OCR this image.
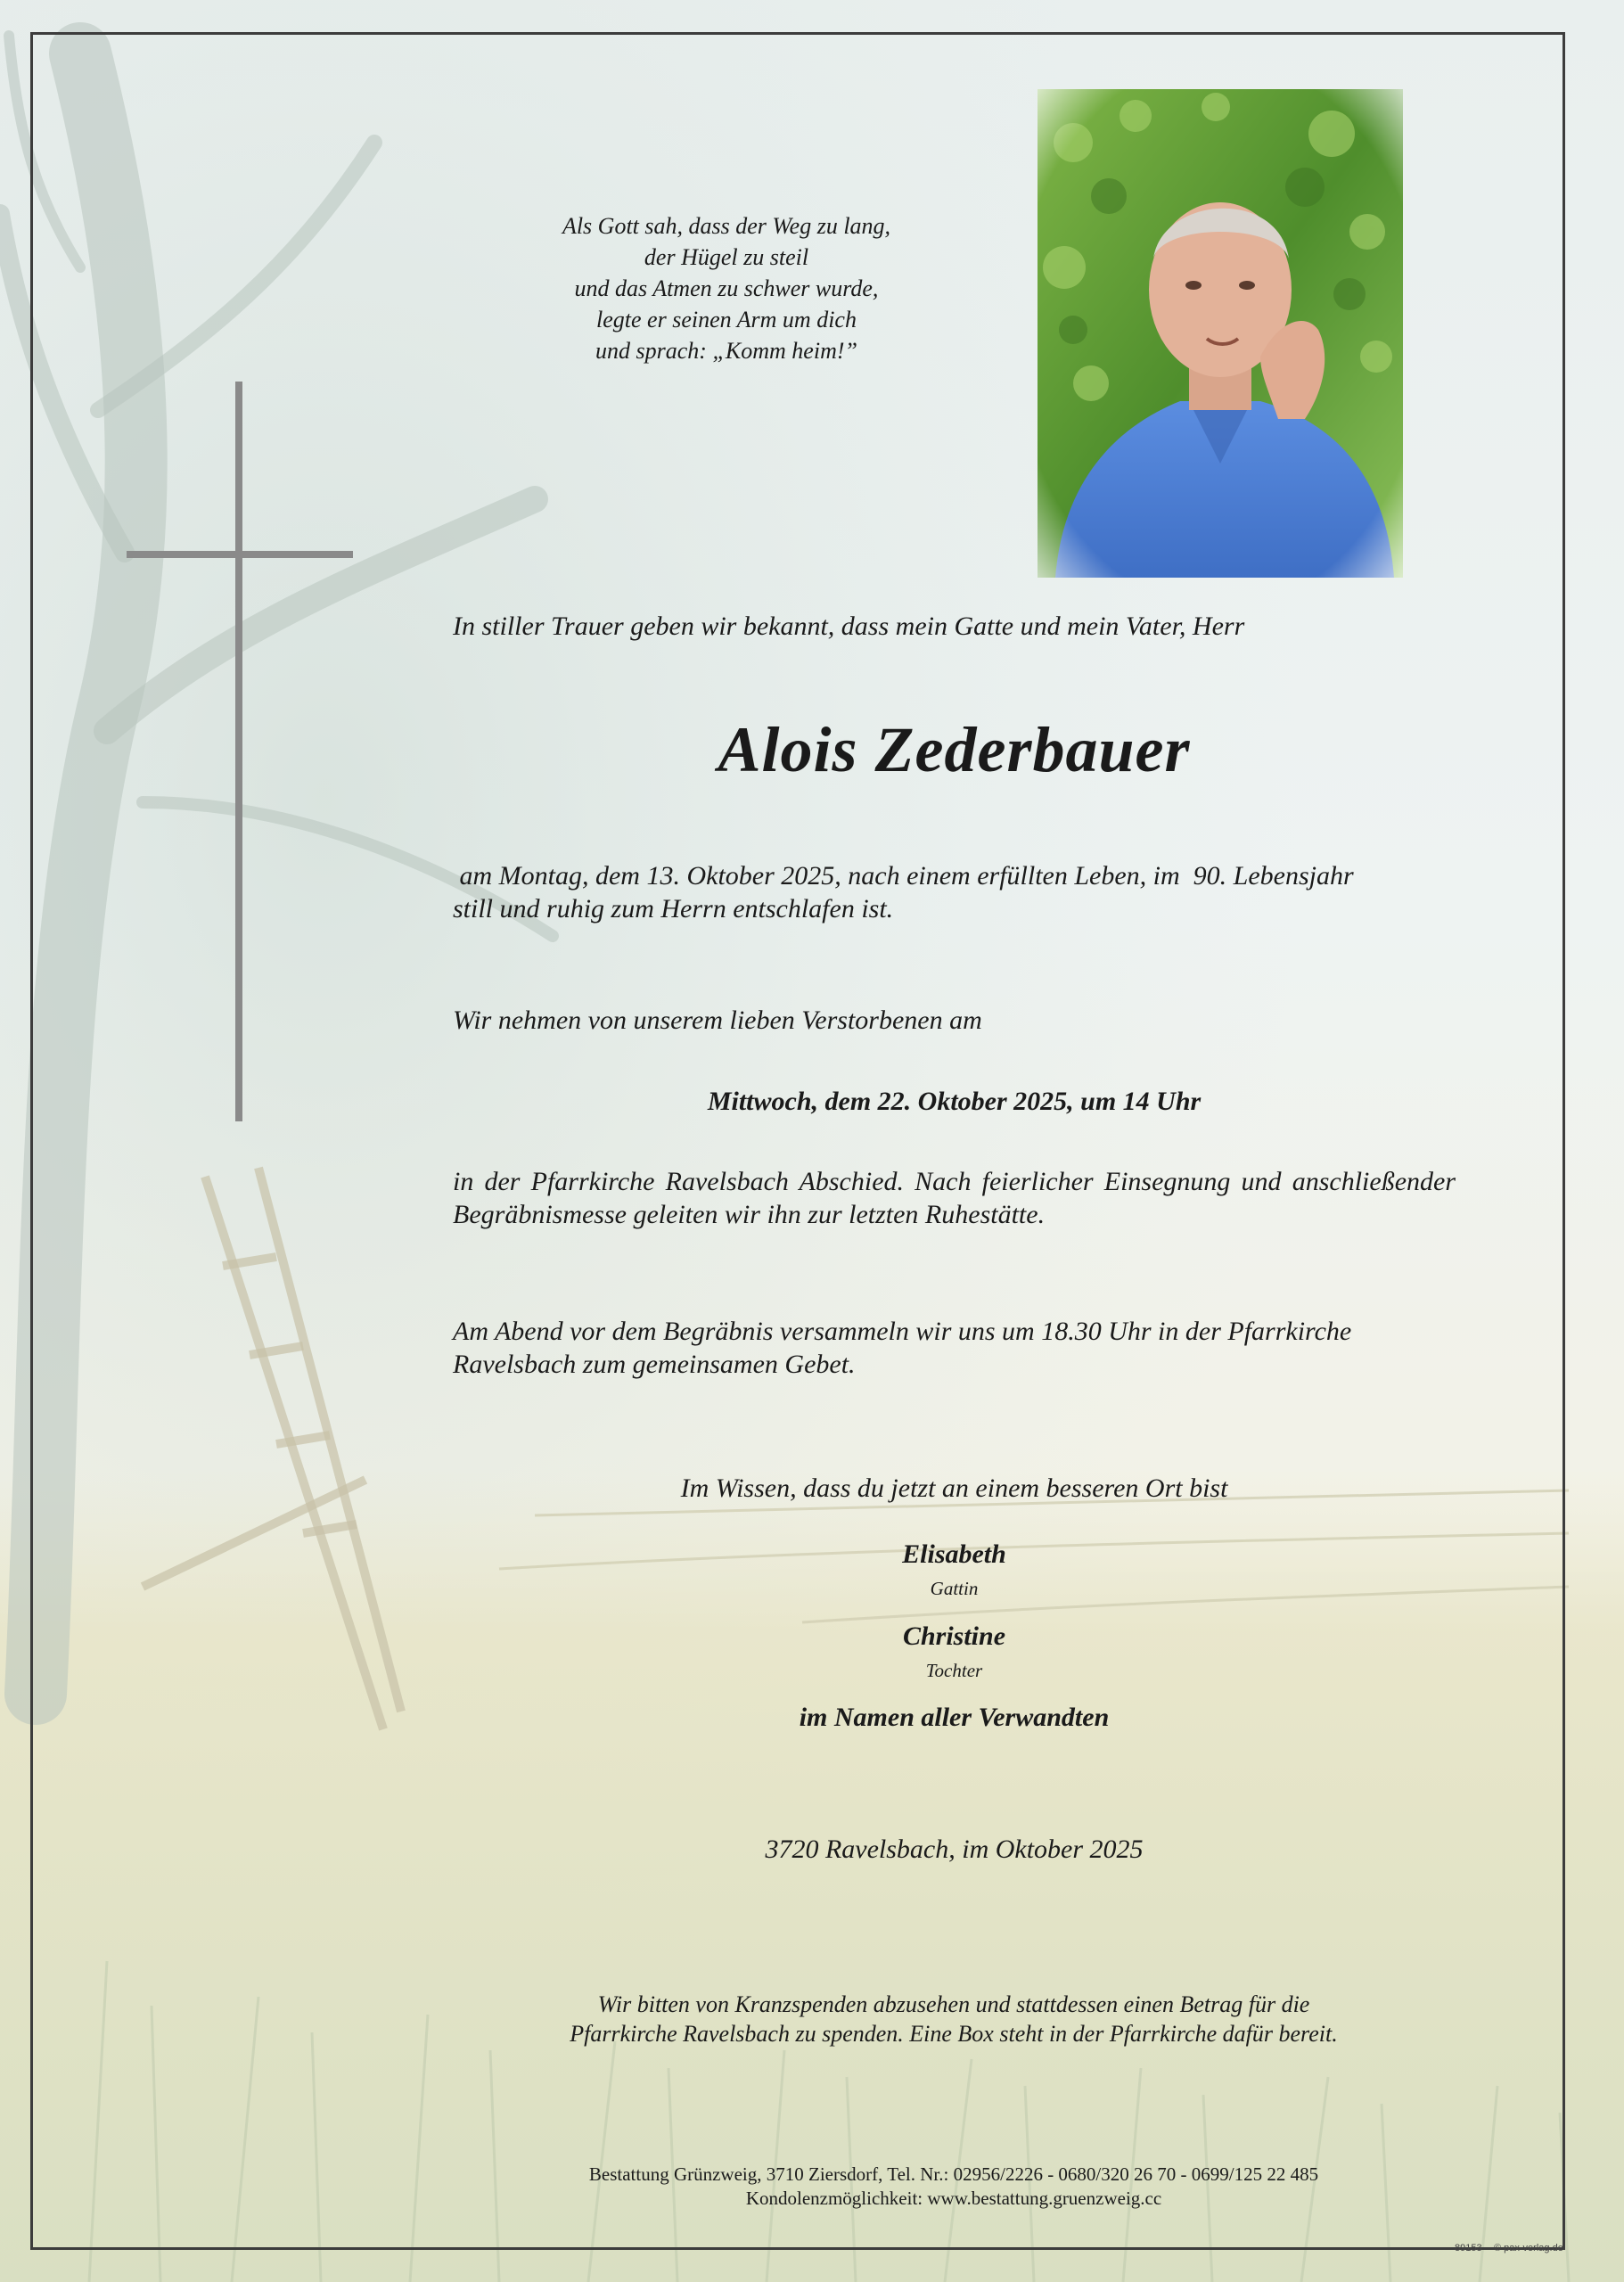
Als Gott sah, dass der Weg zu lang,
der Hügel zu steil
und das Atmen zu schwer wurde,
legte er seinen Arm um dich
und sprach: „Komm heim!”
In stiller Trauer geben wir bekannt, dass mein Gatte und mein Vater, Herr
Alois Zederbauer
am Montag, dem 13. Oktober 2025, nach einem erfüllten Leben, im  90. Lebensjahr
still und ruhig zum Herrn entschlafen ist.
Wir nehmen von unserem lieben Verstorbenen am
Mittwoch, dem 22. Oktober 2025, um 14 Uhr
in der Pfarrkirche Ravelsbach Abschied. Nach feierlicher Einsegnung und anschließender Begräbnismesse geleiten wir ihn zur letzten Ruhestätte.
Am Abend vor dem Begräbnis versammeln wir uns um 18.30 Uhr in der Pfarrkirche Ravelsbach zum gemeinsamen Gebet.
Im Wissen, dass du jetzt an einem besseren Ort bist
Elisabeth
Gattin
Christine
Tochter
im Namen aller Verwandten
3720 Ravelsbach, im Oktober 2025
Wir bitten von Kranzspenden abzusehen und stattdessen einen Betrag für die
Pfarrkirche Ravelsbach zu spenden. Eine Box steht in der Pfarrkirche dafür bereit.
Bestattung Grünzweig, 3710 Ziersdorf, Tel. Nr.: 02956/2226 - 0680/320 26 70 - 0699/125 22 485
Kondolenzmöglichkeit: www.bestattung.gruenzweig.cc
89153 © pax-verlag.de
